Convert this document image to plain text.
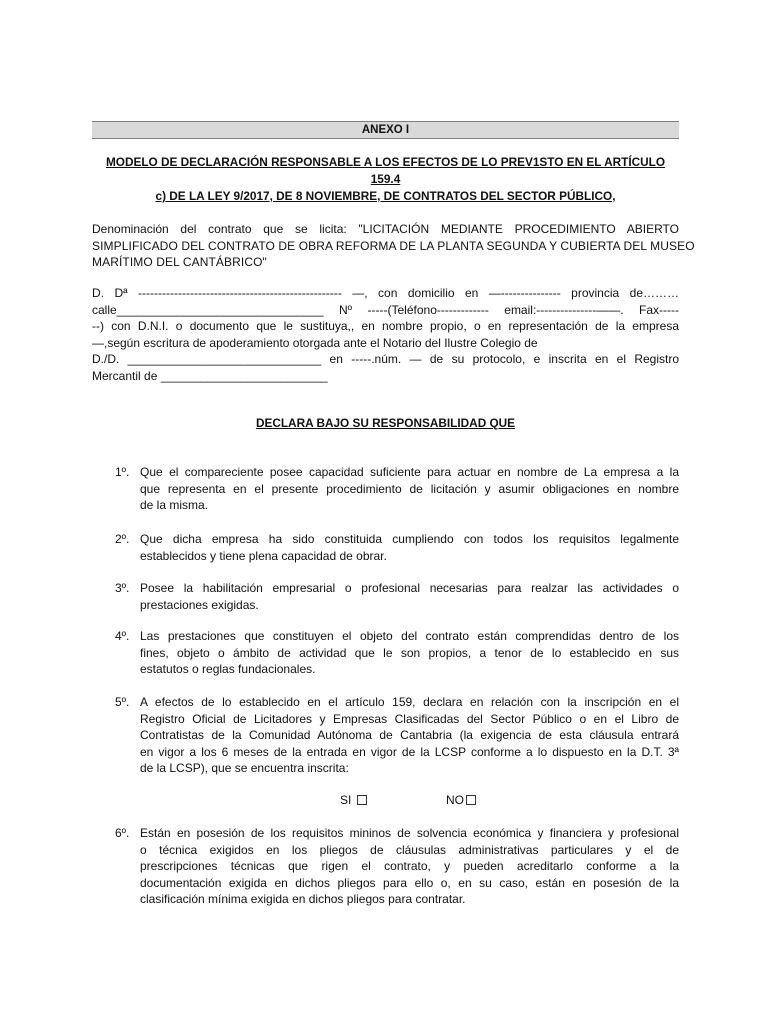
ANEXO I
MODELO DE DECLARACIÓN RESPONSABLE A LOS EFECTOS DE LO PREV1STO EN EL ARTÍCULO 159.4
c) DE LA LEY 9/2017, DE 8 NOVIEMBRE, DE CONTRATOS DEL SECTOR PÚBLICO,
Denominación del contrato que se licita: "LICITACIÓN MEDIANTE PROCEDIMIENTO ABIERTO
SIMPLIFICADO DEL CONTRATO DE OBRA REFORMA DE LA PLANTA SEGUNDA Y CUBIERTA DEL MUSEO
MARÍTIMO DEL CANTÁBRICO"
D. Dª --------------------------------------------------- —, con domicilio en —--------------- provincia de………
calle_______________________________ Nº -----(Teléfono------------- email:---------------——. Fax-----
--) con D.N.I. o documento que le sustituya,, en nombre propio, o en representación de la empresa
—,según escritura de apoderamiento otorgada ante el Notario del Ilustre Colegio de
D./D. _____________________________ en -----.núm. — de su protocolo, e inscrita en el Registro
Mercantil de _________________________
DECLARA BAJO SU RESPONSABILIDAD QUE
1º. Que el compareciente posee capacidad suficiente para actuar en nombre de La empresa a la
que representa en el presente procedimiento de licitación y asumir obligaciones en nombre
de la misma.
2º. Que dicha empresa ha sido constituida cumpliendo con todos los requisitos legalmente
establecidos y tiene plena capacidad de obrar.
3º. Posee la habilitación empresarial o profesional necesarias para realzar las actividades o
prestaciones exigidas.
4º. Las prestaciones que constituyen el objeto del contrato están comprendidas dentro de los
fines, objeto o ámbito de actividad que le son propios, a tenor de lo establecido en sus
estatutos o reglas fundacionales.
5º. A efectos de lo establecido en el artículo 159, declara en relación con la inscripción en el
Registro Oficial de Licitadores y Empresas Clasificadas del Sector Público o en el Libro de
Contratistas de la Comunidad Autónoma de Cantabria (la exigencia de esta cláusula entrará
en vigor a los 6 meses de la entrada en vigor de la LCSP conforme a lo dispuesto en la D.T. 3ª
de la LCSP), que se encuentra inscrita:
SI	NO
6º. Están en posesión de los requisitos mininos de solvencia económica y financiera y profesional
o técnica exigidos en los pliegos de cláusulas administrativas particulares y el de
prescripciones técnicas que rigen el contrato, y pueden acreditarlo conforme a la
documentación exigida en dichos pliegos para ello o, en su caso, están en posesión de la
clasificación mínima exigida en dichos pliegos para contratar.
